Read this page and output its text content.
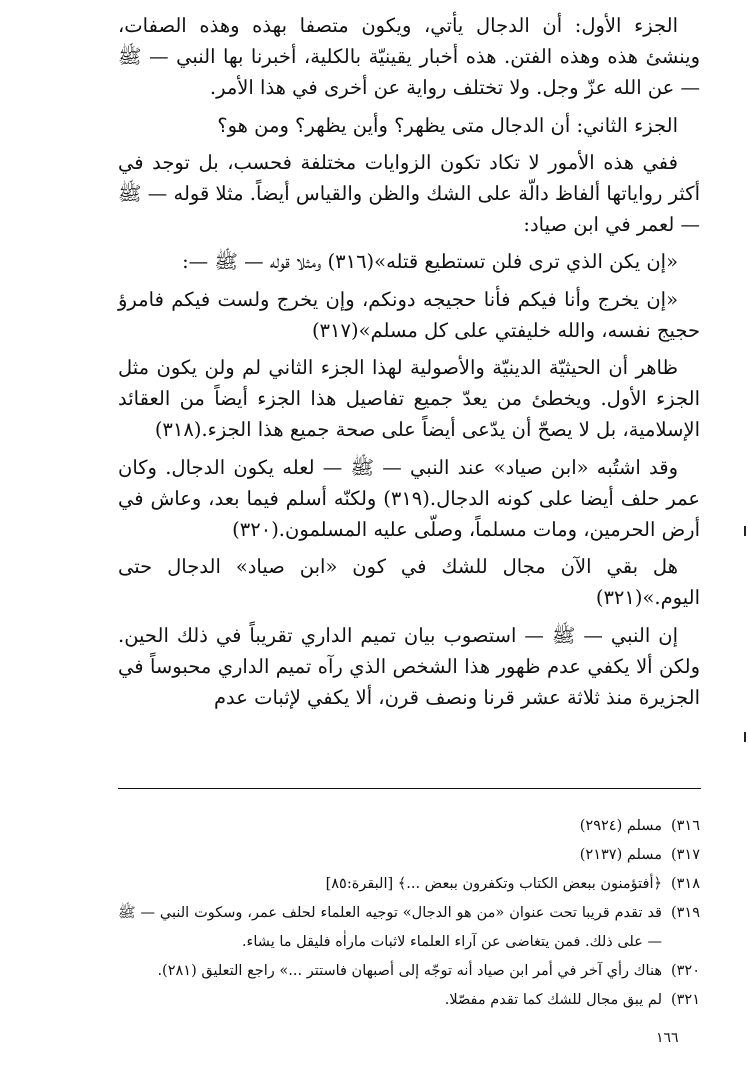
الجزء الأول: أن الدجال يأتي، ويكون متصفا بهذه وهذه الصفات، وينشئ هذه وهذه الفتن. هذه أخبار يقينيّة بالكلية، أخبرنا بها النبي — ﷺ — عن الله عزّ وجل. ولا تختلف رواية عن أخرى في هذا الأمر.

الجزء الثاني: أن الدجال متى يظهر؟ وأين يظهر؟ ومن هو؟

ففي هذه الأمور لا تكاد تكون الزوايات مختلفة فحسب، بل توجد في أكثر رواياتها ألفاظ دالّة على الشك والظن والقياس أيضاً. مثلا قوله — ﷺ — لعمر في ابن صياد:

«إن يكن الذي ترى فلن تستطيع قتله»(٣١٦) ومثلا قوله — ﷺ —:

«إن يخرج وأنا فيكم فأنا حجيجه دونكم، وإن يخرج ولست فيكم فامرؤ حجيج نفسه، والله خليفتي على كل مسلم»(٣١٧)

ظاهر أن الحيثيّة الدينيّة والأصولية لهذا الجزء الثاني لم ولن يكون مثل الجزء الأول. ويخطئ من يعدّ جميع تفاصيل هذا الجزء أيضاً من العقائد الإسلامية، بل لا يصحّ أن يدّعى أيضاً على صحة جميع هذا الجزء.(٣١٨)

وقد اشتُبه «ابن صياد» عند النبي — ﷺ — لعله يكون الدجال. وكان عمر حلف أيضا على كونه الدجال.(٣١٩) ولكنّه أسلم فيما بعد، وعاش في أرض الحرمين، ومات مسلماً، وصلّى عليه المسلمون.(٣٢٠)

هل بقي الآن مجال للشك في كون «ابن صياد» الدجال حتى اليوم.»(٣٢١)

إن النبي — ﷺ — استصوب بيان تميم الداري تقريباً في ذلك الحين. ولكن ألا يكفي عدم ظهور هذا الشخص الذي رآه تميم الداري محبوساً في الجزيرة منذ ثلاثة عشر قرنا ونصف قرن، ألا يكفي لإثبات عدم

٣١٦)
مسلم (٢٩٢٤)
٣١٧)
مسلم (٢١٣٧)
٣١٨)
﴿أفتؤمنون ببعض الكتاب وتكفرون ببعض ...﴾ [البقرة:٨٥]
٣١٩)
قد تقدم قريبا تحت عنوان «من هو الدجال» توجيه العلماء لحلف عمر، وسكوت النبي — ﷺ — على ذلك. فمن يتغاضى عن آراء العلماء لاثبات ماراٰه فليقل ما يشاء.
٣٢٠)
هناك رأي آخر في أمر ابن صياد أنه توجّه إلى أصبهان فاستتر ...» راجع التعليق (٢٨١).
٣٢١)
لم يبق مجال للشك كما تقدم مفصّلا.
١٦٦
